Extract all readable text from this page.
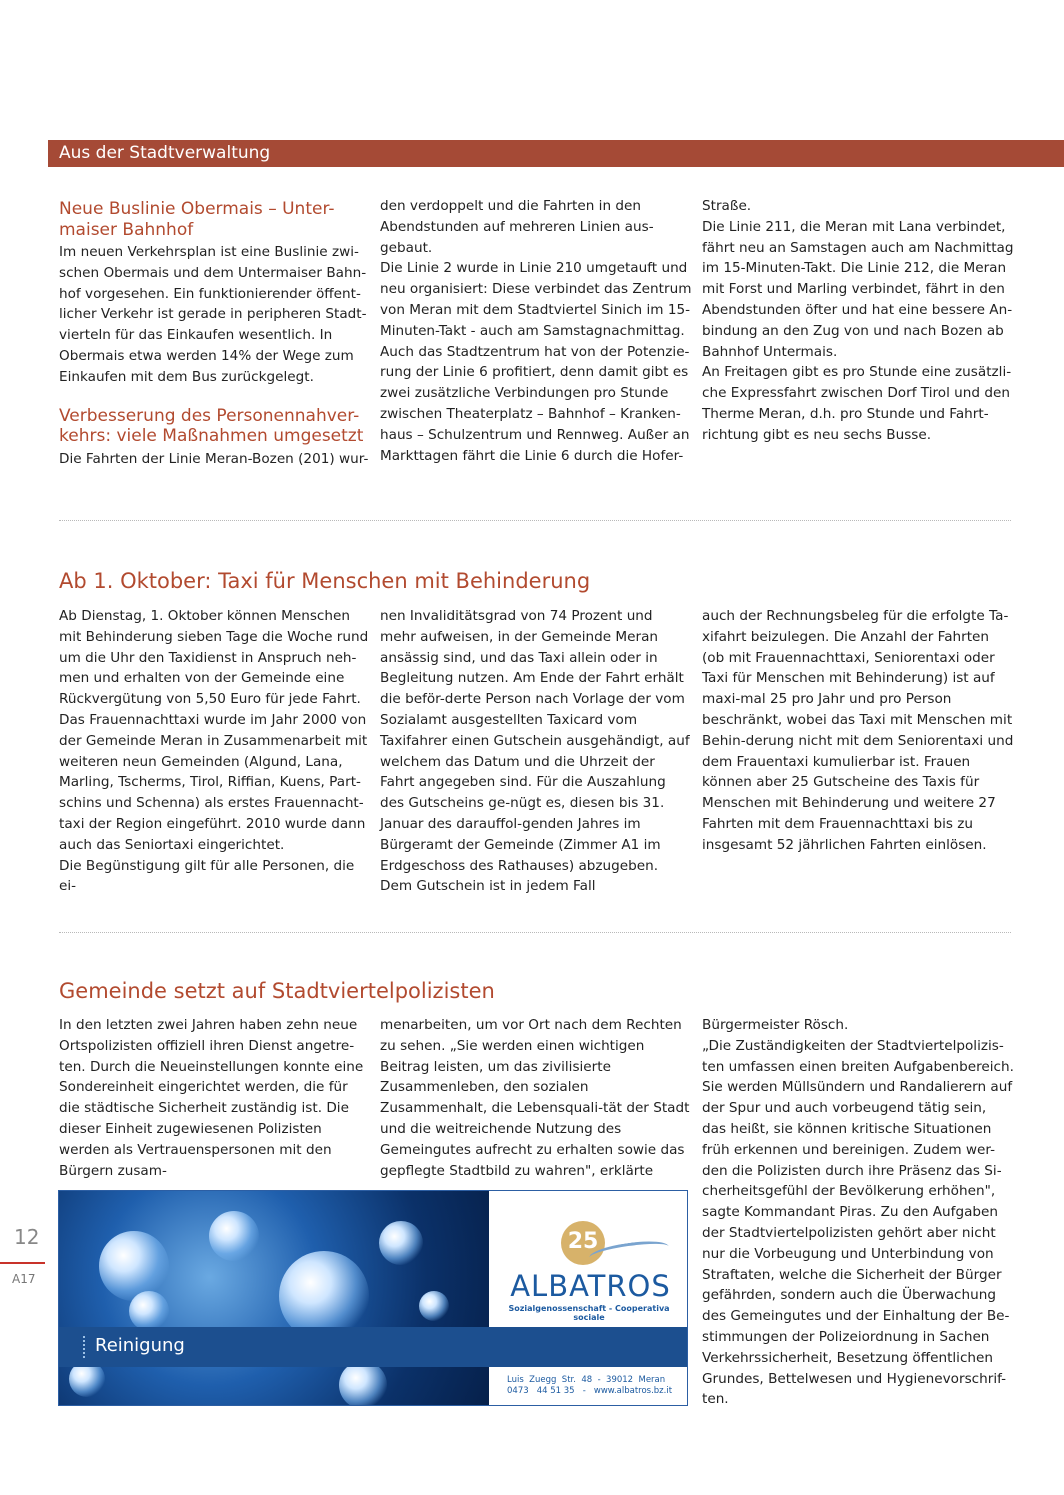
Aus der Stadtverwaltung
Neue Buslinie Obermais – Unter-
maiser Bahnhof

Im neuen Verkehrsplan ist eine Buslinie zwi-schen Obermais und dem Untermaiser Bahn-hof vorgesehen. Ein funktionierender öffent-licher Verkehr ist gerade in peripheren Stadt-vierteln für das Einkaufen wesentlich. In Obermais etwa werden 14% der Wege zum Einkaufen mit dem Bus zurückgelegt.

Verbesserung des Personennahver-
kehrs: viele Maßnahmen umgesetzt

Die Fahrten der Linie Meran-Bozen (201) wur-

den verdoppelt und die Fahrten in den Abendstunden auf mehreren Linien aus-gebaut.

Die Linie 2 wurde in Linie 210 umgetauft und neu organisiert: Diese verbindet das Zentrum von Meran mit dem Stadtviertel Sinich im 15-Minuten-Takt - auch am Samstagnachmittag. Auch das Stadtzentrum hat von der Potenzie-rung der Linie 6 profitiert, denn damit gibt es zwei zusätzliche Verbindungen pro Stunde zwischen Theaterplatz – Bahnhof – Kranken-haus – Schulzentrum und Rennweg. Außer an Markttagen fährt die Linie 6 durch die Hofer-

Straße.

Die Linie 211, die Meran mit Lana verbindet, fährt neu an Samstagen auch am Nachmittag im 15-Minuten-Takt. Die Linie 212, die Meran mit Forst und Marling verbindet, fährt in den Abendstunden öfter und hat eine bessere An-bindung an den Zug von und nach Bozen ab Bahnhof Untermais.

An Freitagen gibt es pro Stunde eine zusätzli-che Expressfahrt zwischen Dorf Tirol und den Therme Meran, d.h. pro Stunde und Fahrt-richtung gibt es neu sechs Busse.

Ab 1. Oktober: Taxi für Menschen mit Behinderung

Ab Dienstag, 1. Oktober können Menschen mit Behinderung sieben Tage die Woche rund um die Uhr den Taxidienst in Anspruch neh-men und erhalten von der Gemeinde eine Rückvergütung von 5,50 Euro für jede Fahrt. Das Frauennachttaxi wurde im Jahr 2000 von der Gemeinde Meran in Zusammenarbeit mit weiteren neun Gemeinden (Algund, Lana, Marling, Tscherms, Tirol, Riffian, Kuens, Part-schins und Schenna) als erstes Frauennacht-taxi der Region eingeführt. 2010 wurde dann auch das Seniortaxi eingerichtet.

Die Begünstigung gilt für alle Personen, die ei-

nen Invaliditätsgrad von 74 Prozent und mehr aufweisen, in der Gemeinde Meran ansässig sind, und das Taxi allein oder in Begleitung nutzen. Am Ende der Fahrt erhält die beför-derte Person nach Vorlage der vom Sozialamt ausgestellten Taxicard vom Taxifahrer einen Gutschein ausgehändigt, auf welchem das Datum und die Uhrzeit der Fahrt angegeben sind. Für die Auszahlung des Gutscheins ge-nügt es, diesen bis 31. Januar des darauffol-genden Jahres im Bürgeramt der Gemeinde (Zimmer A1 im Erdgeschoss des Rathauses) abzugeben. Dem Gutschein ist in jedem Fall

auch der Rechnungsbeleg für die erfolgte Ta-xifahrt beizulegen. Die Anzahl der Fahrten (ob mit Frauennachttaxi, Seniorentaxi oder Taxi für Menschen mit Behinderung) ist auf maxi-mal 25 pro Jahr und pro Person beschränkt, wobei das Taxi mit Menschen mit Behin-derung nicht mit dem Seniorentaxi und dem Frauentaxi kumulierbar ist. Frauen können aber 25 Gutscheine des Taxis für Menschen mit Behinderung und weitere 27 Fahrten mit dem Frauennachttaxi bis zu insgesamt 52 jährlichen Fahrten einlösen.

Gemeinde setzt auf Stadtviertelpolizisten

In den letzten zwei Jahren haben zehn neue Ortspolizisten offiziell ihren Dienst angetre-ten. Durch die Neueinstellungen konnte eine Sondereinheit eingerichtet werden, die für die städtische Sicherheit zuständig ist. Die dieser Einheit zugewiesenen Polizisten werden als Vertrauenspersonen mit den Bürgern zusam-

menarbeiten, um vor Ort nach dem Rechten zu sehen. „Sie werden einen wichtigen Beitrag leisten, um das zivilisierte Zusammenleben, den sozialen Zusammenhalt, die Lebensquali-tät der Stadt und die weitreichende Nutzung des Gemeingutes aufrecht zu erhalten sowie das gepflegte Stadtbild zu wahren", erklärte

Bürgermeister Rösch.

„Die Zuständigkeiten der Stadtviertelpolizis-ten umfassen einen breiten Aufgabenbereich. Sie werden Müllsündern und Randalierern auf der Spur und auch vorbeugend tätig sein, das heißt, sie können kritische Situationen früh erkennen und bereinigen. Zudem wer-den die Polizisten durch ihre Präsenz das Si-cherheitsgefühl der Bevölkerung erhöhen", sagte Kommandant Piras. Zu den Aufgaben der Stadtviertelpolizisten gehört aber nicht nur die Vorbeugung und Unterbindung von Straftaten, welche die Sicherheit der Bürger gefährden, sondern auch die Überwachung des Gemeingutes und der Einhaltung der Be-stimmungen der Polizeiordnung in Sachen Verkehrssicherheit, Besetzung öffentlichen Grundes, Bettelwesen und Hygienevorschrif-ten.

25
ALBATROS
Sozialgenossenschaft - Cooperativa sociale
Reinigung
Luis  Zuegg  Str.  48  -  39012  Meran
0473   44 51 35   -   www.albatros.bz.it
12
A17
